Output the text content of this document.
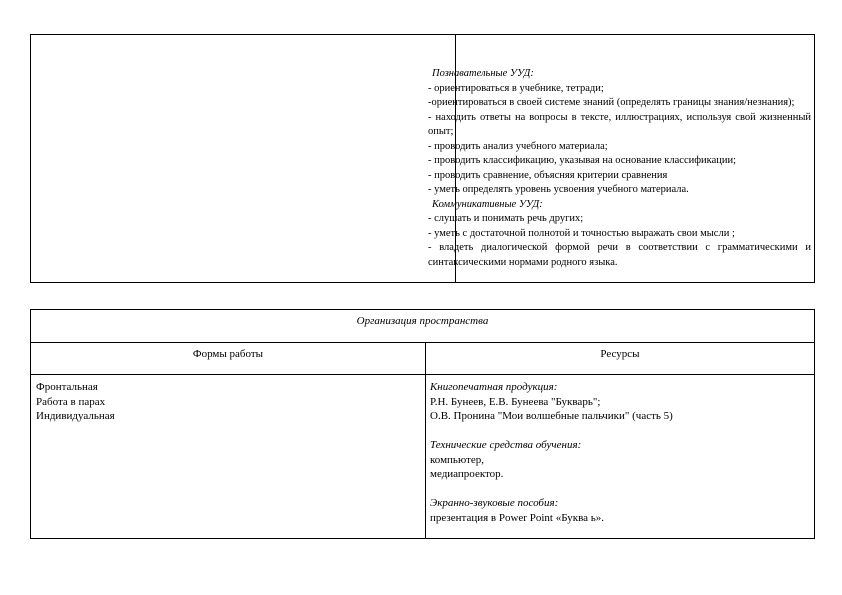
Познавательные УУД:

- ориентироваться в учебнике, тетради;

-ориентироваться в своей системе знаний (определять границы знания/незнания);

- находить ответы на вопросы в тексте, иллюстрациях, используя свой жизненный опыт;

- проводить анализ учебного материала;

- проводить классификацию, указывая на основание классификации;

- проводить сравнение, объясняя критерии сравнения

- уметь определять уровень усвоения учебного материала.

Коммуникативные УУД:

- слушать и понимать речь других;

- уметь с достаточной полнотой и точностью выражать свои мысли ;

- владеть диалогической формой речи в соответствии с грамматическими и синтаксическими нормами родного языка.

Организация пространства
Формы работы	Ресурсы
Фронтальная
Работа в парах
Индивидуальная
Книгопечатная продукция:
Р.Н. Бунеев, Е.В. Бунеева "Букварь";
О.В. Пронина "Мои волшебные пальчики" (часть 5)
Технические средства обучения:
компьютер,
медиапроектор.
Экранно-звуковые пособия:
презентация в Power Point «Буква ь».
